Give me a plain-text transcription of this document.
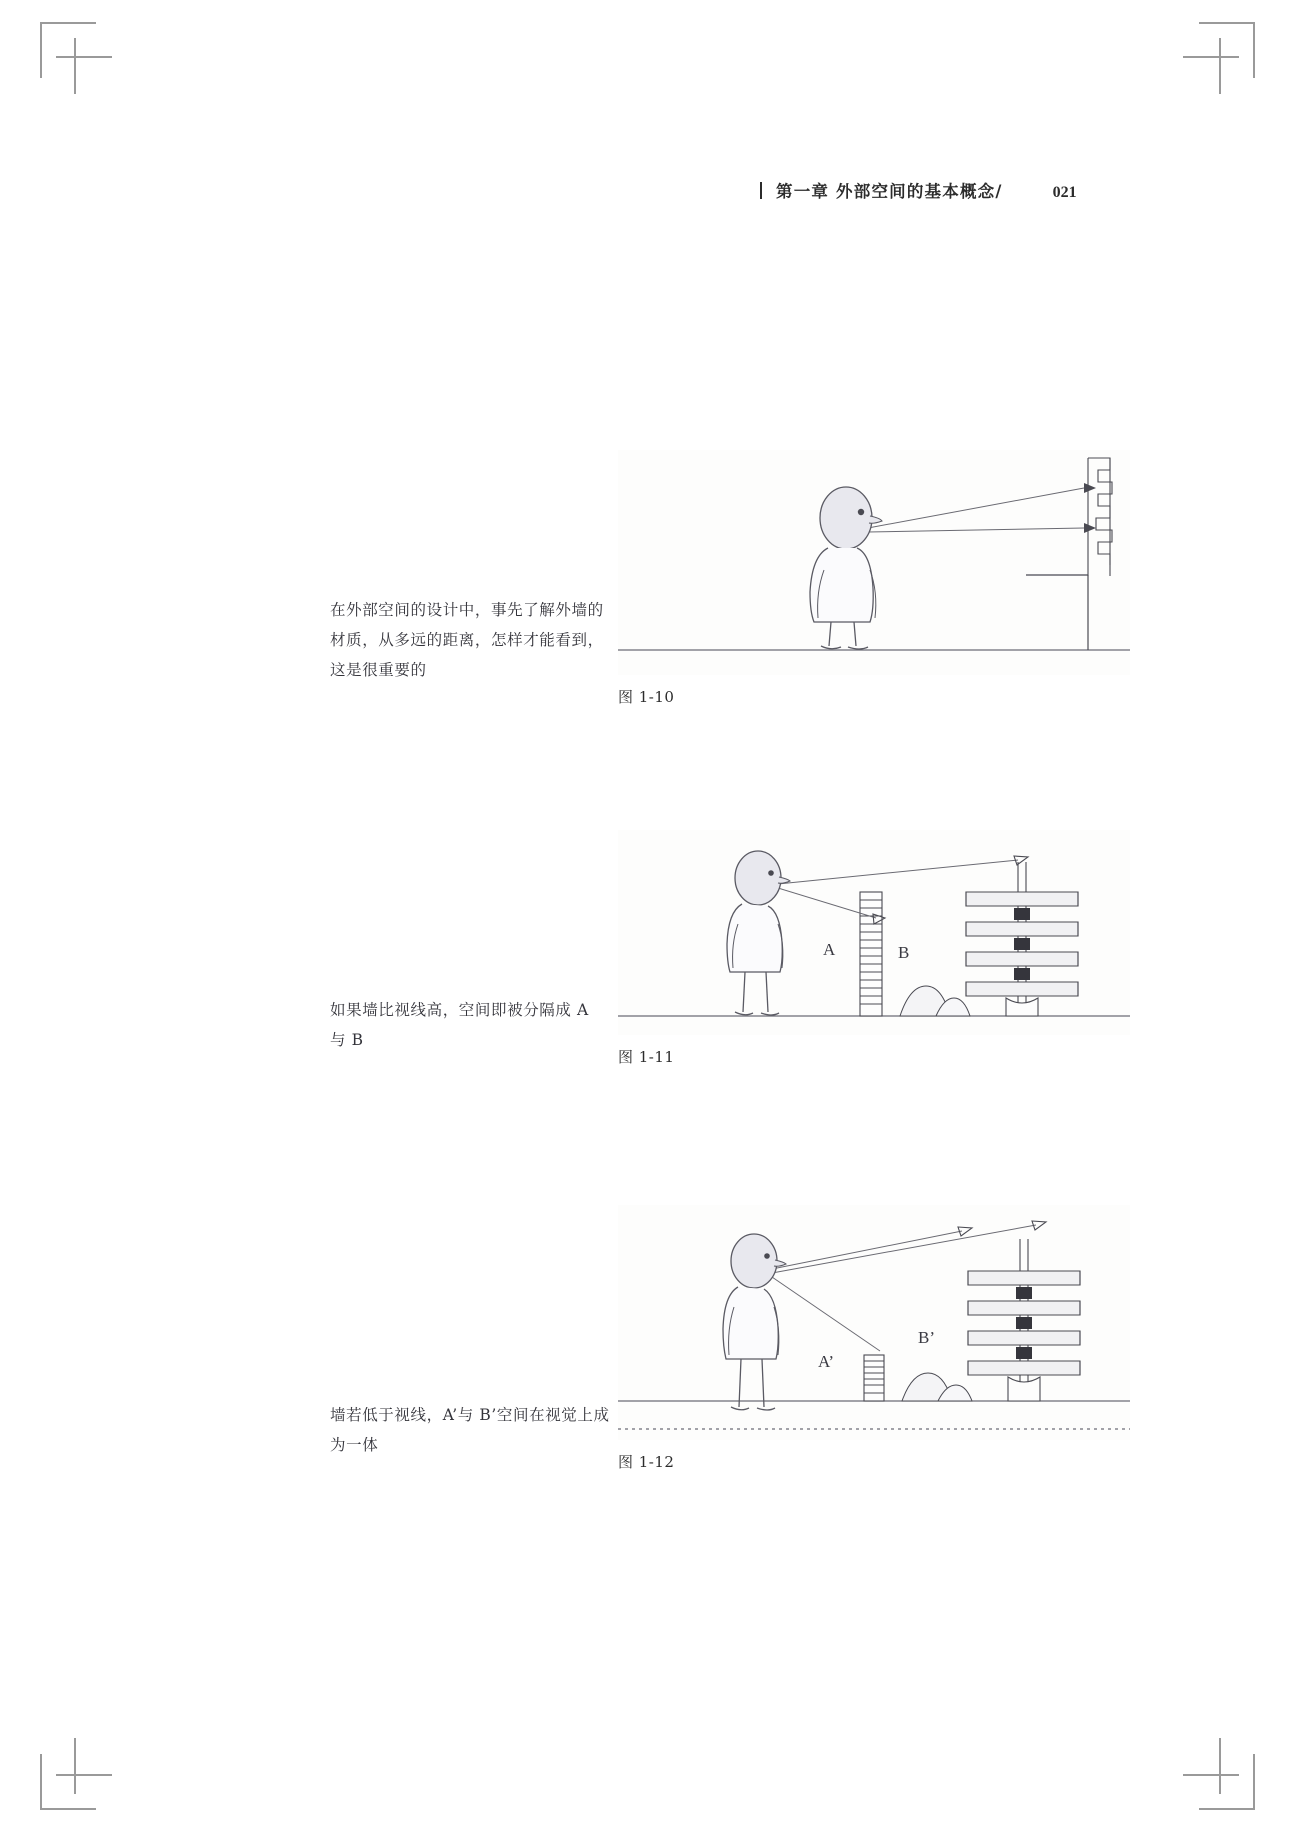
第一章 外部空间的基本概念/	021
在外部空间的设计中，事先了解外墙的材质，从多远的距离，怎样才能看到，这是很重要的
图 1-10
如果墙比视线高，空间即被分隔成 A 与 B
A	B
图 1-11
墙若低于视线，A’与 B’空间在视觉上成为一体
A’
B’
图 1-12
